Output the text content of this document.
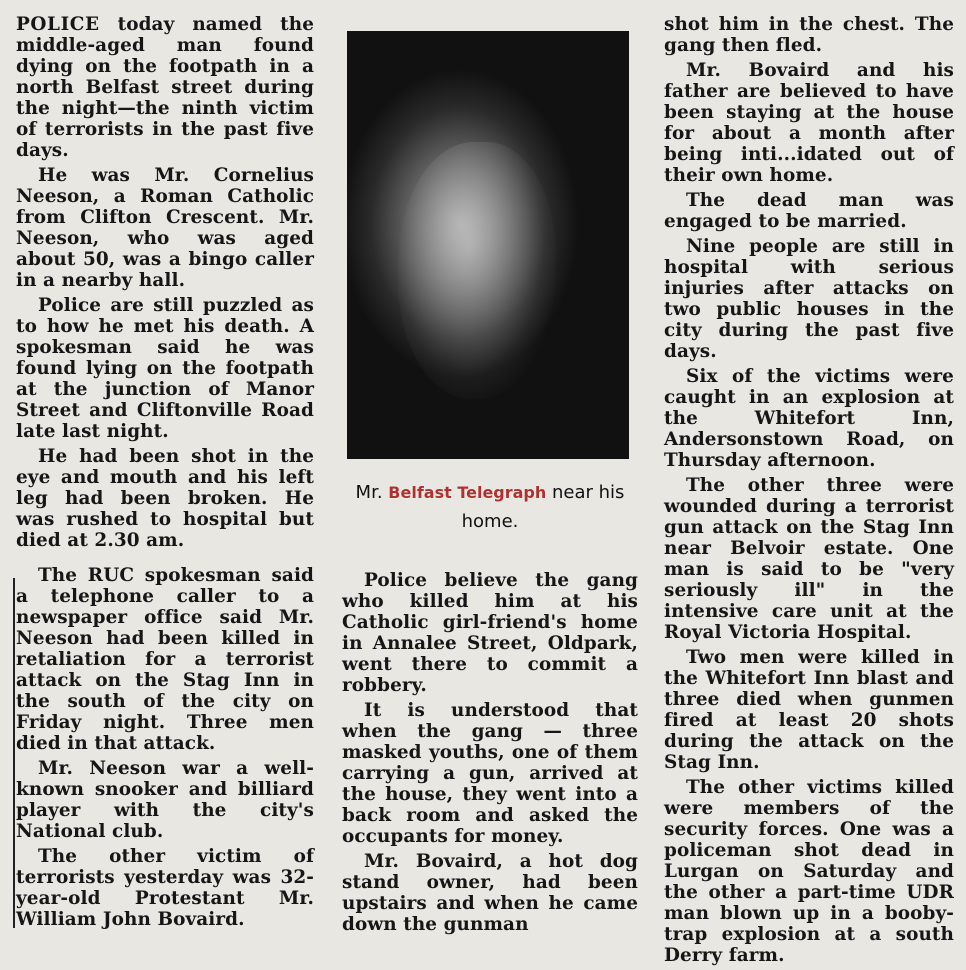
POLICE today named the middle-aged man found dying on the footpath in a north Belfast street during the night—the ninth victim of terrorists in the past five days.

He was Mr. Cornelius Neeson, a Roman Catholic from Clifton Crescent. Mr. Neeson, who was aged about 50, was a bingo caller in a nearby hall.

Police are still puzzled as to how he met his death. A spokesman said he was found lying on the footpath at the junction of Manor Street and Cliftonville Road late last night.

He had been shot in the eye and mouth and his left leg had been broken. He was rushed to hospital but died at 2.30 am.

The RUC spokesman said a telephone caller to a newspaper office said Mr. Neeson had been killed in retaliation for a terrorist attack on the Stag Inn in the south of the city on Friday night. Three men died in that attack.

Mr. Neeson war a well-known snooker and billiard player with the city's National club.

The other victim of terrorists yesterday was 32-year-old Protestant Mr. William John Bovaird.

Mr. Belfast Telegraph near his home.

Police believe the gang who killed him at his Catholic girl-friend's home in Annalee Street, Oldpark, went there to commit a robbery.

It is understood that when the gang — three masked youths, one of them carrying a gun, arrived at the house, they went into a back room and asked the occupants for money.

Mr. Bovaird, a hot dog stand owner, had been upstairs and when he came down the gunman

shot him in the chest. The gang then fled.

Mr. Bovaird and his father are believed to have been staying at the house for about a month after being inti...idated out of their own home.

The dead man was engaged to be married.

Nine people are still in hospital with serious injuries after attacks on two public houses in the city during the past five days.

Six of the victims were caught in an explosion at the Whitefort Inn, Andersonstown Road, on Thursday afternoon.

The other three were wounded during a terrorist gun attack on the Stag Inn near Belvoir estate. One man is said to be "very seriously ill" in the intensive care unit at the Royal Victoria Hospital.

Two men were killed in the Whitefort Inn blast and three died when gunmen fired at least 20 shots during the attack on the Stag Inn.

The other victims killed were members of the security forces. One was a policeman shot dead in Lurgan on Saturday and the other a part-time UDR man blown up in a booby-trap explosion at a south Derry farm.
